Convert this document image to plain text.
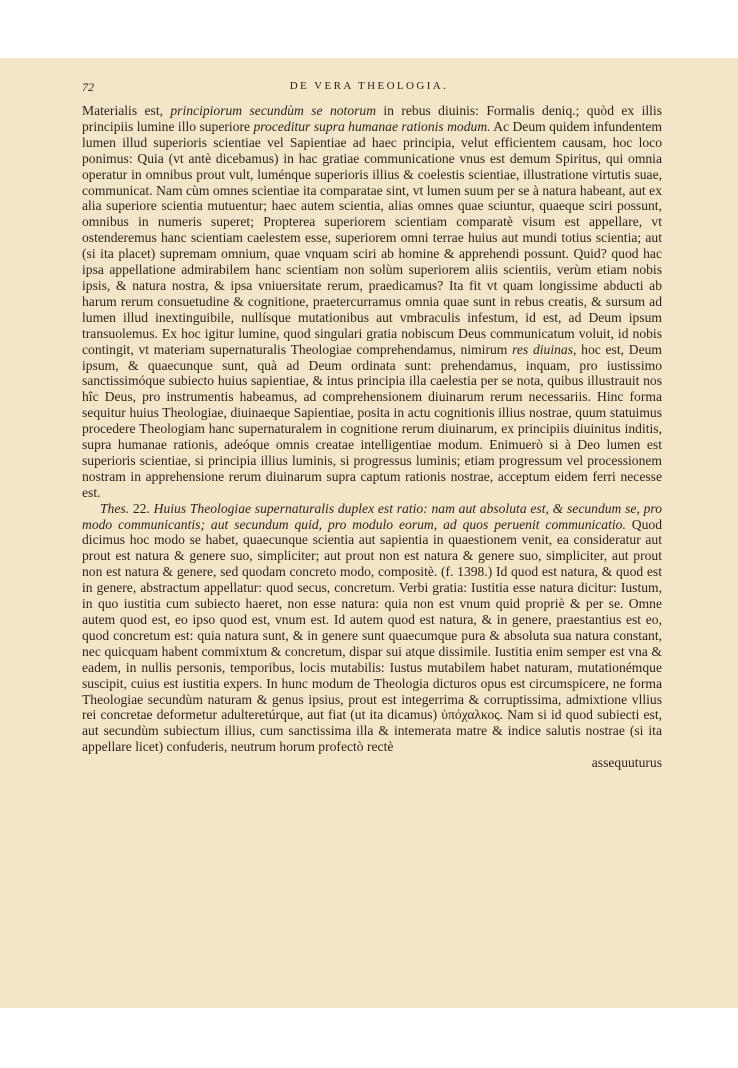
72	DE VERA THEOLOGIA.

Materialis est, principiorum secundùm se notorum in rebus diuinis: Formalis deniq.; quòd ex illis principiis lumine illo superiore proceditur supra humanae rationis modum. Ac Deum quidem infundentem lumen illud superioris scientiae vel Sapientiae ad haec principia, velut efficientem causam, hoc loco ponimus: Quia (vt antè dicebamus) in hac gratiae communicatione vnus est demum Spiritus, qui omnia operatur in omnibus prout vult, luménque superioris illius & coelestis scientiae, illustratione virtutis suae, communicat. Nam cùm omnes scientiae ita comparatae sint, vt lumen suum per se à natura habeant, aut ex alia superiore scientia mutuentur; haec autem scientia, alias omnes quae sciuntur, quaeque sciri possunt, omnibus in numeris superet; Propterea superiorem scientiam comparatè visum est appellare, vt ostenderemus hanc scientiam caelestem esse, superiorem omni terrae huius aut mundi totius scientia; aut (si ita placet) supremam omnium, quae vnquam sciri ab homine & apprehendi possunt. Quid? quod hac ipsa appellatione admirabilem hanc scientiam non solùm superiorem aliis scientiis, verùm etiam nobis ipsis, & natura nostra, & ipsa vniuersitate rerum, praedicamus? Ita fit vt quam longissime abducti ab harum rerum consuetudine & cognitione, praetercurramus omnia quae sunt in rebus creatis, & sursum ad lumen illud inextinguibile, nullísque mutationibus aut vmbraculis infestum, id est, ad Deum ipsum transuolemus. Ex hoc igitur lumine, quod singulari gratia nobiscum Deus communicatum voluit, id nobis contingit, vt materiam supernaturalis Theologiae comprehendamus, nimirum res diuinas, hoc est, Deum ipsum, & quaecunque sunt, quà ad Deum ordinata sunt: prehendamus, inquam, pro iustissimo sanctissimóque subiecto huius sapientiae, & intus principia illa caelestia per se nota, quibus illustrauit nos hîc Deus, pro instrumentis habeamus, ad comprehensionem diuinarum rerum necessariis. Hinc forma sequitur huius Theologiae, diuinaeque Sapientiae, posita in actu cognitionis illius nostrae, quum statuimus procedere Theologiam hanc supernaturalem in cognitione rerum diuinarum, ex principiis diuinitus inditis, supra humanae rationis, adeóque omnis creatae intelligentiae modum. Enimuerò si à Deo lumen est superioris scientiae, si principia illius luminis, si progressus luminis; etiam progressum vel processionem nostram in apprehensione rerum diuinarum supra captum rationis nostrae, acceptum eidem ferri necesse est.

Thes. 22. Huius Theologiae supernaturalis duplex est ratio: nam aut absoluta est, & secundum se, pro modo communicantis; aut secundum quid, pro modulo eorum, ad quos peruenit communicatio. Quod dicimus hoc modo se habet, quaecunque scientia aut sapientia in quaestionem venit, ea consideratur aut prout est natura & genere suo, simpliciter; aut prout non est natura & genere suo, simpliciter, aut prout non est natura & genere, sed quodam concreto modo, compositè. (f. 1398.) Id quod est natura, & quod est in genere, abstractum appellatur: quod secus, concretum. Verbi gratia: Iustitia esse natura dicitur: Iustum, in quo iustitia cum subiecto haeret, non esse natura: quia non est vnum quid propriè & per se. Omne autem quod est, eo ipso quod est, vnum est. Id autem quod est natura, & in genere, praestantius est eo, quod concretum est: quia natura sunt, & in genere sunt quaecumque pura & absoluta sua natura constant, nec quicquam habent commixtum & concretum, dispar sui atque dissimile. Iustitia enim semper est vna & eadem, in nullis personis, temporibus, locis mutabilis: Iustus mutabilem habet naturam, mutationémque suscipit, cuius est iustitia expers. In hunc modum de Theologia dicturos opus est circumspicere, ne forma Theologiae secundùm naturam & genus ipsius, prout est integerrima & corruptissima, admixtione vllius rei concretae deformetur adulteretúrque, aut fiat (ut ita dicamus) ὑπόχαλκος. Nam si id quod subiecti est, aut secundùm subiectum illius, cum sanctissima illa & intemerata matre & indice salutis nostrae (si ita appellare licet) confuderis, neutrum horum profectò rectè

assequuturus
